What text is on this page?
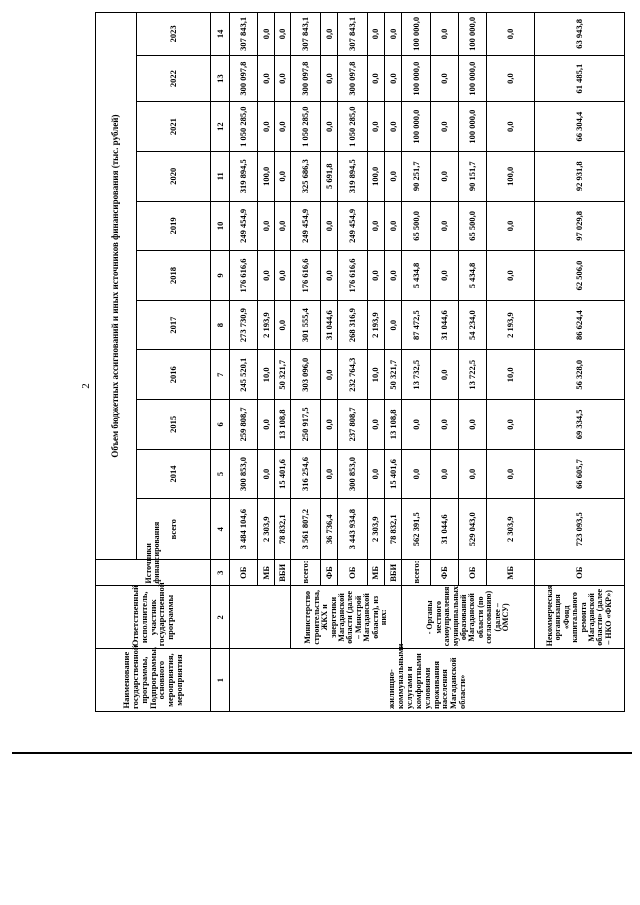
2
Наименование государственной программы, Подпрограммы, основного мероприятия, мероприятия	Ответственный исполнитель, участник государственной программы	Источники финансирования	Объем бюджетных ассигнований и иных источников финансирования (тыс. рублей)										
			всего	2014	2015	2016	2017	2018	2019	2020	2021	2022	2023
1	2	3	4	5	6	7	8	9	10	11	12	13	14
жилищно-коммунальными услугами и комфортными условиями проживания населения Магаданской области»		ОБ	3 484 104,6	300 853,0	259 808,7	245 520,1	273 730,9	176 616,6	249 454,9	319 894,5	1 050 285,0	300 097,8	307 843,1
		МБ	2 303,9	0,0	0,0	10,0	2 193,9	0,0	0,0	100,0	0,0	0,0	0,0
		ВБИ	78 832,1	15 401,6	13 108,8	50 321,7	0,0	0,0	0,0	0,0	0,0	0,0	0,0
	Министерство строительства, ЖКХ и энергетики Магаданской области (далее – Минстрой Магаданской области), из них:	всего:	3 561 807,2	316 254,6	250 917,5	303 096,0	301 555,4	176 616,6	249 454,9	325 686,3	1 050 285,0	300 097,8	307 843,1
		ФБ	36 736,4	0,0	0,0	0,0	31 044,6	0,0	0,0	5 691,8	0,0	0,0	0,0
		ОБ	3 443 934,8	300 853,0	237 808,7	232 764,3	268 316,9	176 616,6	249 454,9	319 894,5	1 050 285,0	300 097,8	307 843,1
		МБ	2 303,9	0,0	0,0	10,0	2 193,9	0,0	0,0	100,0	0,0	0,0	0,0
		ВБИ	78 832,1	15 401,6	13 108,8	50 321,7	0,0	0,0	0,0	0,0	0,0	0,0	0,0
	- Органы местного самоуправления муниципальных образований Магаданской области (по согласованию) (далее – ОМСУ)	всего:	562 391,5	0,0	0,0	13 732,5	87 472,5	5 434,8	65 500,0	90 251,7	100 000,0	100 000,0	100 000,0
		ФБ	31 044,6	0,0	0,0	0,0	31 044,6	0,0	0,0	0,0	0,0	0,0	0,0
		ОБ	529 043,0	0,0	0,0	13 722,5	54 234,0	5 434,8	65 500,0	90 151,7	100 000,0	100 000,0	100 000,0
		МБ	2 303,9	0,0	0,0	10,0	2 193,9	0,0	0,0	100,0	0,0	0,0	0,0
	Некоммерческая организация «Фонд капитального ремонта Магаданской области» (далее – НКО «ФКР»)	ОБ	723 093,5	66 605,7	69 334,5	56 328,0	86 624,4	62 506,0	97 029,8	92 931,8	66 304,4	61 485,1	63 943,8
